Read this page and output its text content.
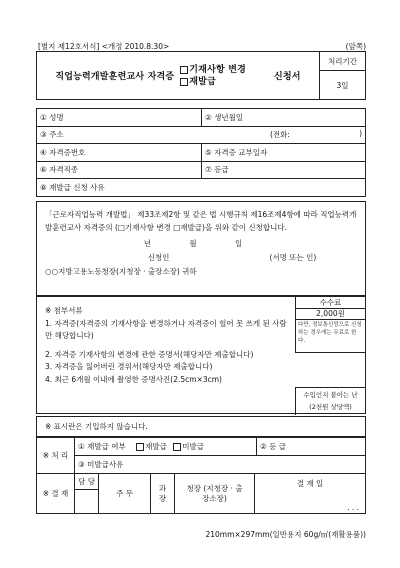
[별지 제12호서식] <개정 2010.8.30>	(앞쪽)
직업능력개발훈련교사 자격증
기재사항 변경
재발급	신청서
	처리기간
3일
① 성명	② 생년월일

③ 주소 (전화: )	

④ 자격증번호	⑤ 자격증 교부일자
⑥ 자격직종	⑦ 등급
⑧ 재발급 신청 사유	
「근로자직업능력 개발법」 제33조제2항 및 같은 법 시행규칙 제16조제4항에 따라 직업능력개발훈련교사 자격증의 (□기재사항 변경 □재발급)을 위와 같이 신청합니다.
년 월 일
신청인	(서명 또는 인)
○○지방고용노동청장(지청장 · 출장소장) 귀하
※ 첨부서류
1. 자격증(자격증의 기재사항을 변경하거나 자격증이 헐어 못 쓰게 된 사람만 해당합니다)
2. 자격증 기재사항의 변경에 관한 증명서(해당자만 제출합니다)
3. 자격증을 잃어버린 경위서(해당자만 제출합니다)
4. 최근 6개월 이내에 촬영한 증명사진(2.5cm×3cm)
수수료
2,000원
다만, 정보통신망으로 신청하는 경우에는 무료로 한다.
수입인지 붙이는 난
(2천원 상당액)
※ 표시란은 기입하지 않습니다.
※ 처 리	① 재발급 여부	재발급 미발급	② 등 급
③ 미발급사유
※ 결 재	담 당	주 무	과 장	청장 (지청장 · 출장소장)	
결 재 일
. . .

210mm×297mm(일반용지 60g/㎡(재활용품))
